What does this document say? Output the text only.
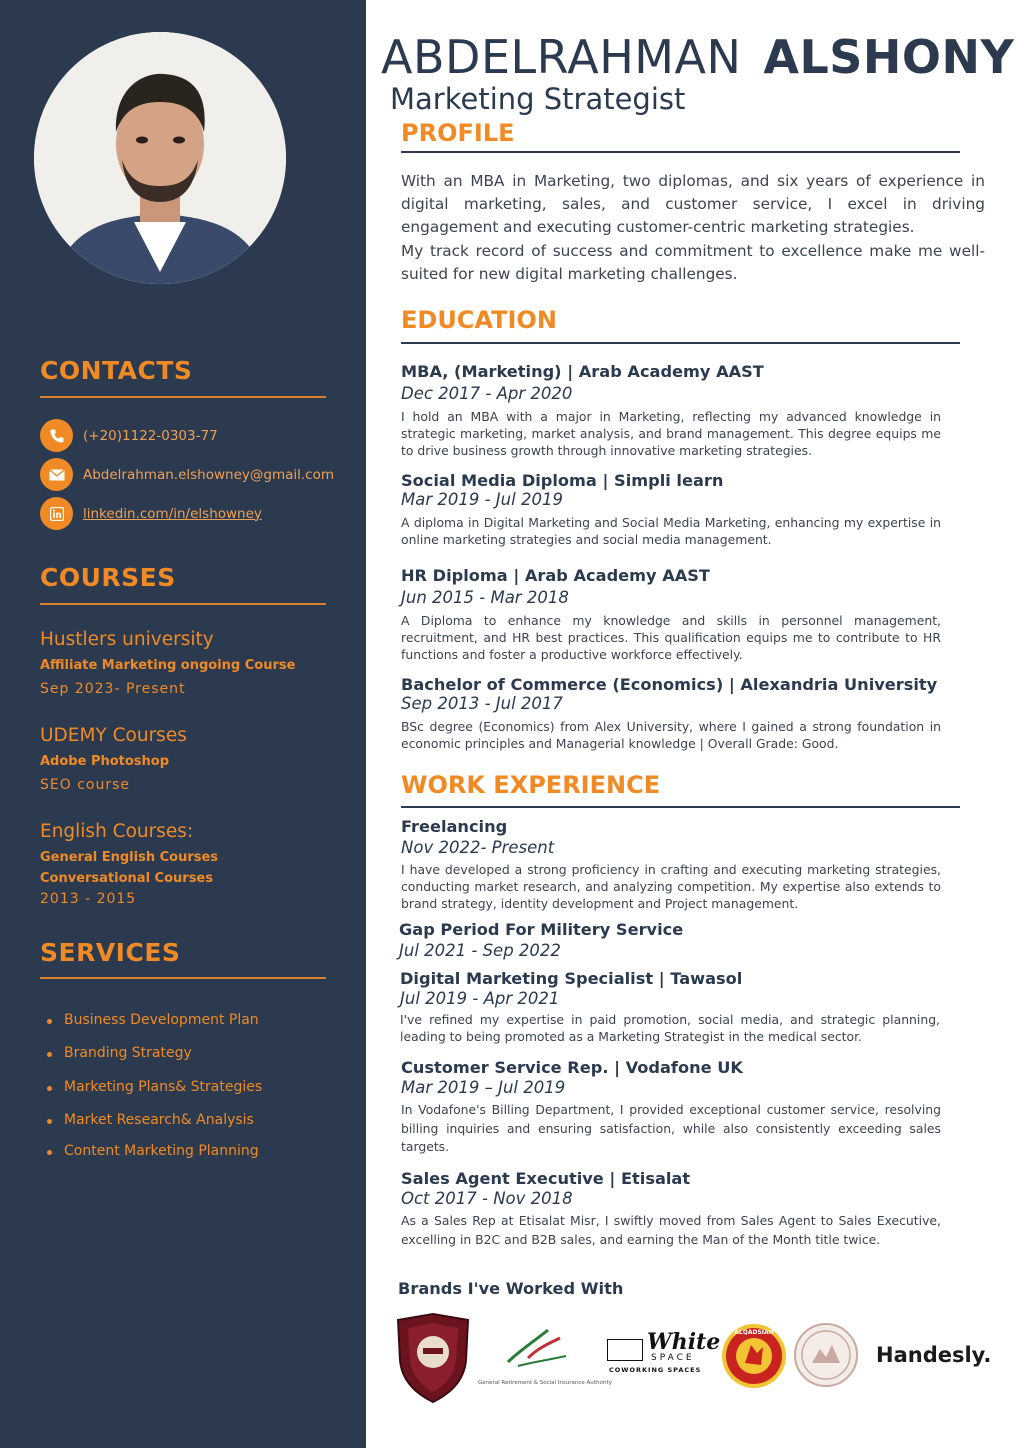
CONTACTS
(+20)1122-0303-77
Abdelrahman.elshowney@gmail.com
linkedin.com/in/elshowney
COURSES
Hustlers university
Affiliate Marketing ongoing Course
Sep 2023- Present
UDEMY Courses
Adobe Photoshop
SEO course
English Courses:
General English Courses
Conversational Courses
2013 - 2015
SERVICES
Business Development Plan
Branding Strategy
Marketing Plans& Strategies
Market Research& Analysis
Content Marketing Planning
ABDELRAHMAN ALSHONY
Marketing Strategist
PROFILE

With an MBA in Marketing, two diplomas, and six years of experience in digital marketing, sales, and customer service, I excel in driving engagement and executing customer-centric marketing strategies.

My track record of success and commitment to excellence make me well-suited for new digital marketing challenges.

EDUCATION
MBA, (Marketing) | Arab Academy AAST
Dec 2017 - Apr 2020
I hold an MBA with a major in Marketing, reflecting my advanced knowledge in strategic marketing, market analysis, and brand management. This degree equips me to drive business growth through innovative marketing strategies.
Social Media Diploma | Simpli learn
Mar 2019 - Jul 2019
A diploma in Digital Marketing and Social Media Marketing, enhancing my expertise in online marketing strategies and social media management.
HR Diploma | Arab Academy AAST
Jun 2015 - Mar 2018
A Diploma to enhance my knowledge and skills in personnel management, recruitment, and HR best practices. This qualification equips me to contribute to HR functions and foster a productive workforce effectively.
Bachelor of Commerce (Economics) | Alexandria University
Sep 2013 - Jul 2017
BSc degree (Economics) from Alex University, where I gained a strong foundation in economic principles and Managerial knowledge | Overall Grade: Good.
WORK EXPERIENCE
Freelancing
Nov 2022- Present
I have developed a strong proficiency in crafting and executing marketing strategies, conducting market research, and analyzing competition. My expertise also extends to brand strategy, identity development and Project management.
Gap Period For Militery Service
Jul 2021 - Sep 2022
Digital Marketing Specialist | Tawasol
Jul 2019 - Apr 2021
I've refined my expertise in paid promotion, social media, and strategic planning, leading to being promoted as a Marketing Strategist in the medical sector.
Customer Service Rep. | Vodafone UK
Mar 2019 – Jul 2019
In Vodafone's Billing Department, I provided exceptional customer service, resolving billing inquiries and ensuring satisfaction, while also consistently exceeding sales targets.
Sales Agent Executive | Etisalat
Oct 2017 - Nov 2018
As a Sales Rep at Etisalat Misr, I swiftly moved from Sales Agent to Sales Executive, excelling in B2C and B2B sales, and earning the Man of the Month title twice.
Brands I've Worked With
General Retirement & Social Insurance Authority
White
SPACE
COWORKING SPACES
ALQADSIAH
Handesly.
